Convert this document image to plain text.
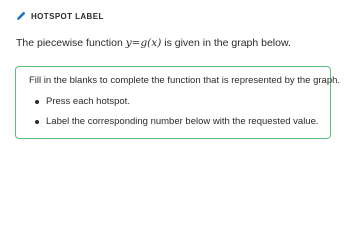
HOTSPOT LABEL
The piecewise function y=g(x) is given in the graph below.
Fill in the blanks to complete the function that is represented by the graph.
Press each hotspot.
Label the corresponding number below with the requested value.
